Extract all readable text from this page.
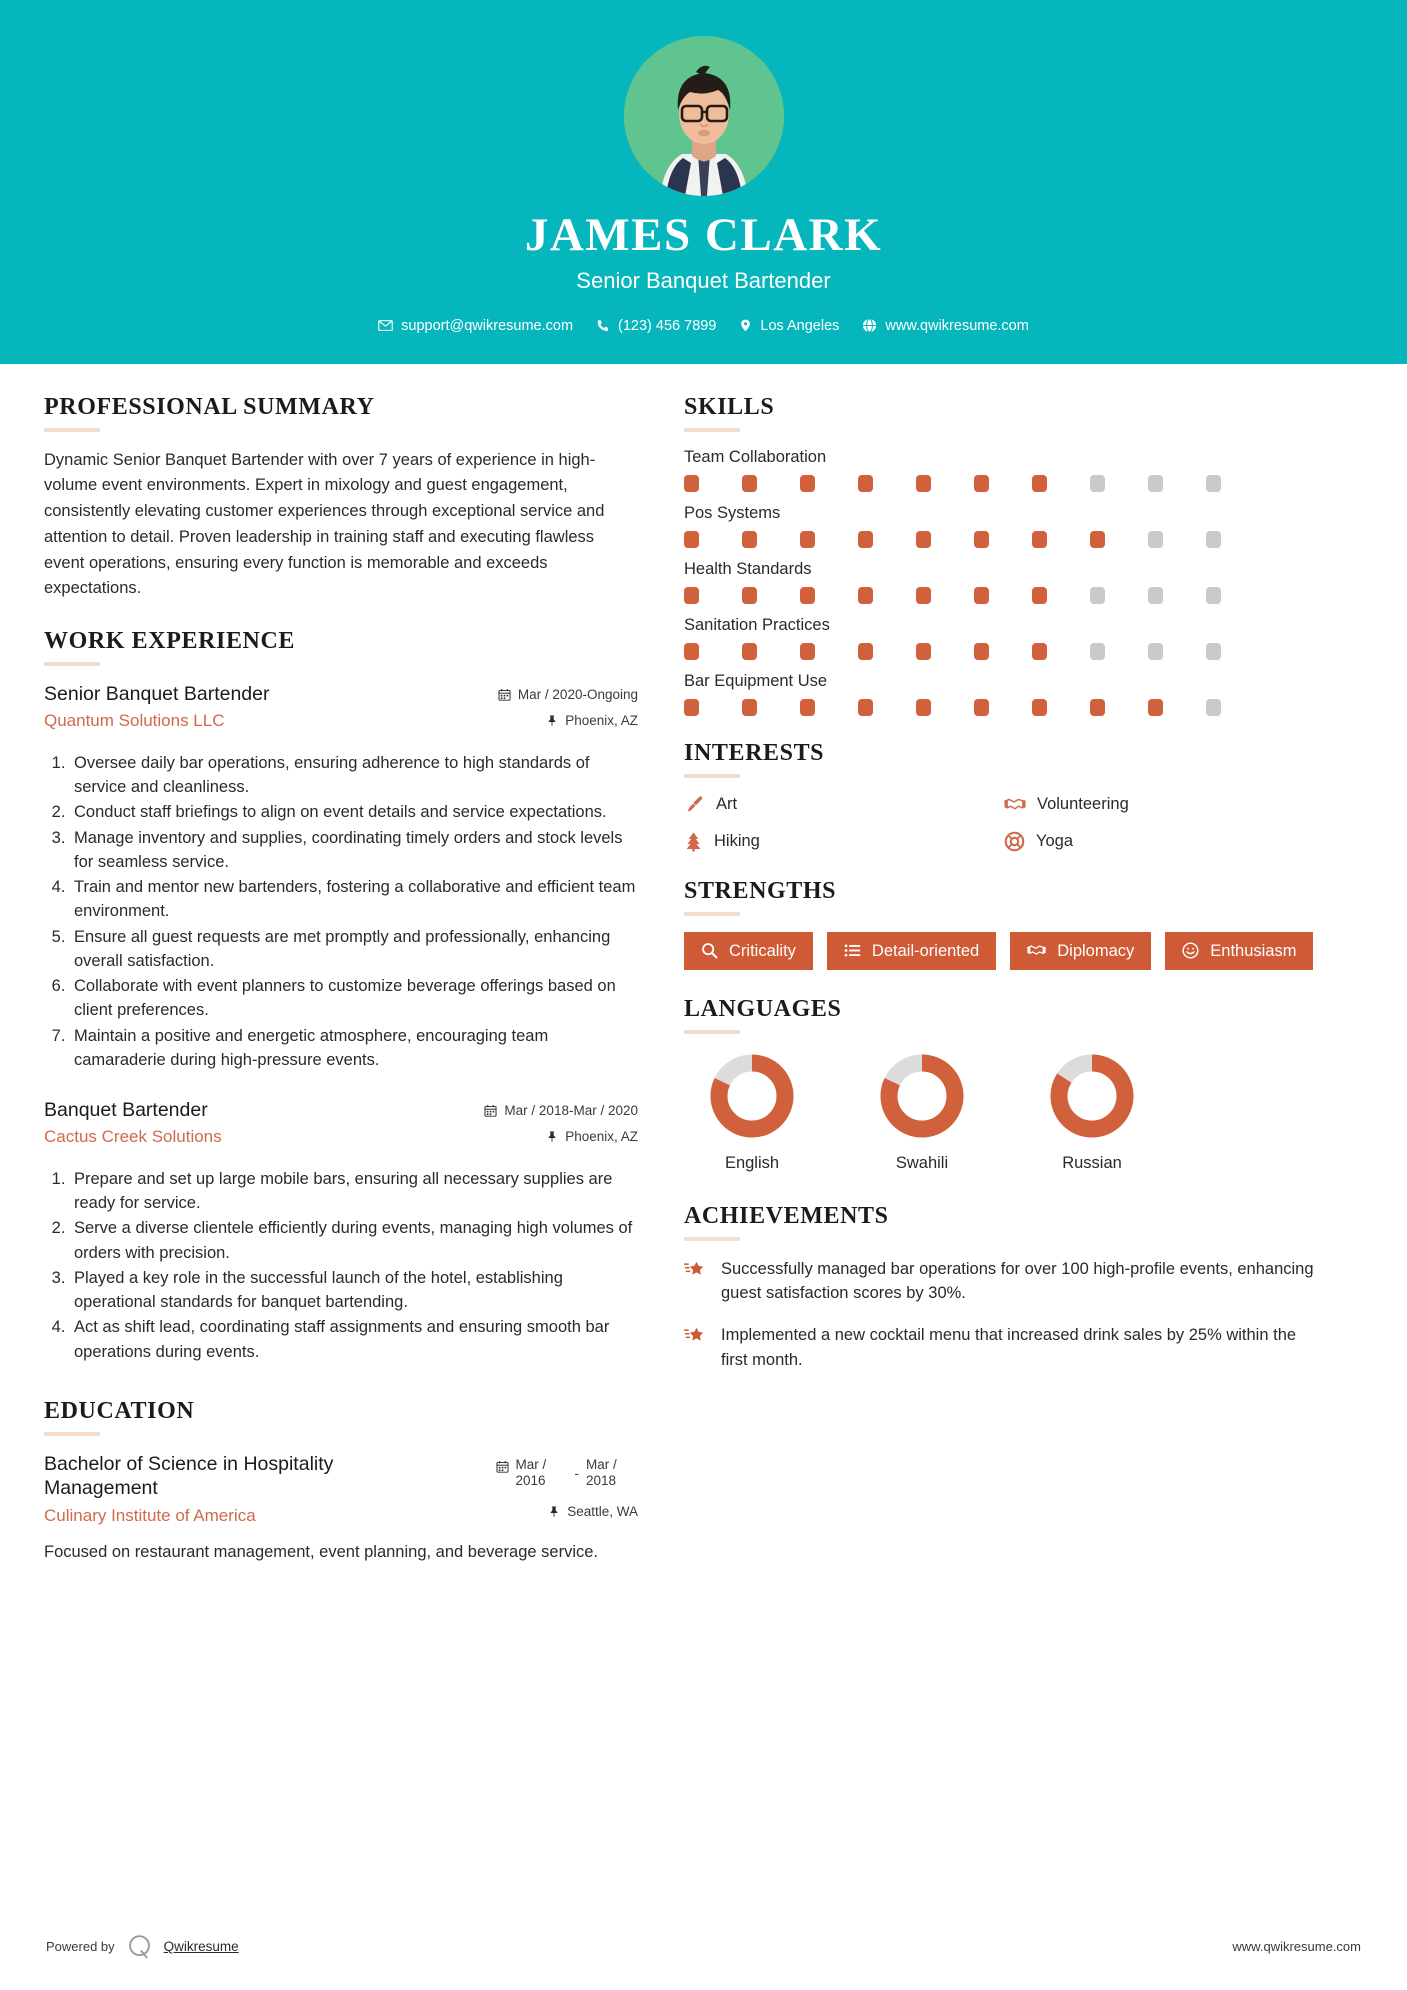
JAMES CLARK
Senior Banquet Bartender
support@qwikresume.com	(123) 456 7899	Los Angeles	www.qwikresume.com
PROFESSIONAL SUMMARY
Dynamic Senior Banquet Bartender with over 7 years of experience in high-volume event environments. Expert in mixology and guest engagement, consistently elevating customer experiences through exceptional service and attention to detail. Proven leadership in training staff and executing flawless event operations, ensuring every function is memorable and exceeds expectations.
WORK EXPERIENCE
Senior Banquet Bartender
Quantum Solutions LLC
Mar / 2020-Ongoing
Phoenix, AZ
1. Oversee daily bar operations, ensuring adherence to high standards of service and cleanliness.
2. Conduct staff briefings to align on event details and service expectations.
3. Manage inventory and supplies, coordinating timely orders and stock levels for seamless service.
4. Train and mentor new bartenders, fostering a collaborative and efficient team environment.
5. Ensure all guest requests are met promptly and professionally, enhancing overall satisfaction.
6. Collaborate with event planners to customize beverage offerings based on client preferences.
7. Maintain a positive and energetic atmosphere, encouraging team camaraderie during high-pressure events.
Banquet Bartender
Cactus Creek Solutions
Mar / 2018-Mar / 2020
Phoenix, AZ
1. Prepare and set up large mobile bars, ensuring all necessary supplies are ready for service.
2. Serve a diverse clientele efficiently during events, managing high volumes of orders with precision.
3. Played a key role in the successful launch of the hotel, establishing operational standards for banquet bartending.
4. Act as shift lead, coordinating staff assignments and ensuring smooth bar operations during events.
EDUCATION
Bachelor of Science in Hospitality Management
Culinary Institute of America
Mar / 2016	-
Mar / 2018
Seattle, WA
Focused on restaurant management, event planning, and beverage service.
SKILLS
Team Collaboration
Pos Systems
Health Standards
Sanitation Practices
Bar Equipment Use
INTERESTS
Art	Volunteering
Hiking	Yoga
STRENGTHS
Criticality	Detail-oriented	Diplomacy	Enthusiasm
LANGUAGES
English	Swahili	Russian
ACHIEVEMENTS
Successfully managed bar operations for over 100 high-profile events, enhancing guest satisfaction scores by 30%.
Implemented a new cocktail menu that increased drink sales by 25% within the first month.
Powered by	Qwikresume	www.qwikresume.com
